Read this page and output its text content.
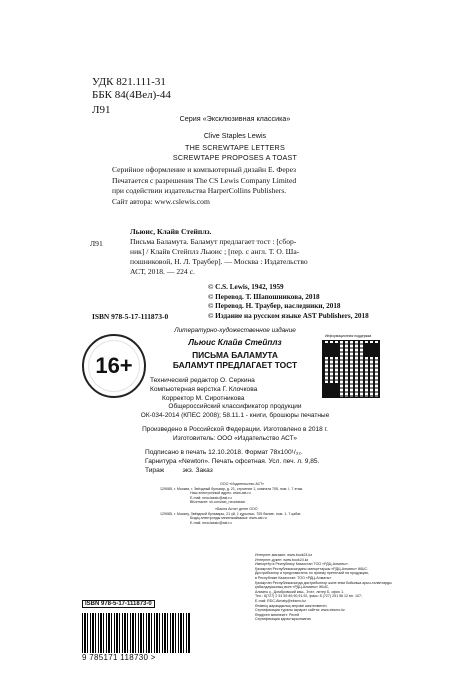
УДК 821.111-31
ББК 84(4Вел)-44
Л91
Серия «Эксклюзивная классика»
Clive Staples Lewis
THE SCREWTAPE LETTERS
SCREWTAPE PROPOSES A TOAST
Серийное оформление и компьютерный дизайн Е. Ферез
Печатается с разрешения The CS Lewis Company Limited
при содействии издательства HarperCollins Publishers.
Сайт автора: www.cslewis.com
Л91
Льюис, Клайв Стейплз.
Письма Баламута. Баламут предлагает тост : [сбор-
ник] / Клайв Стейплз Льюис ; [пер. с англ. Т. О. Ша-
пошниковой, Н. Л. Траубер]. — Москва : Издательство
АСТ, 2018. — 224 с.
© C.S. Lewis, 1942, 1959
© Перевод. Т. Шапошникова, 2018
© Перевод. Н. Траубер, наследники, 2018
© Издание на русском языке AST Publishers, 2018
ISBN 978-5-17-111873-0
Литературно-художественное издание
16+
Информационная поддержка
Льюис Клайв Стейплз
ПИСЬМА БАЛАМУТА
БАЛАМУТ ПРЕДЛАГАЕТ ТОСТ
Технический редактор О. Серкина
Компьютерная верстка Г. Клочкова
Корректор М. Сиротникова
Общероссийский классификатор продукции
ОК-034-2014 (КПЕС 2008); 58.11.1 - книги, брошюры печатные
Произведено в Российской Федерации. Изготовлено в 2018 г.
Изготовитель: ООО «Издательство АСТ»
Подписано в печать 12.10.2018. Формат 78х100¹/₃₂.
Гарнитура «Newton». Печать офсетная. Усл. печ. л. 9,85.
Тираж          экз. Заказ
ООО «Издательство АСТ»
129085, г. Москва, г. Звёздный бульвар, д. 21, строение 1, комната 705, пом. I, 7 этаж.
Наш электронный адрес: www.ast.ru
E-mail: neoclassic@ast.ru
ВКонтакте: vk.com/ast_neoclassic
«Баспа Аста» деген ООО
129085, г. Мәскеу, Звёздный бульвары, 21 үй, 1 құрылыс, 705 бөлме, пом. 1, 7-қабат.
Біздің электронды мекенжайымыз: www.ast.ru
E-mail: neoclassic@ast.ru
Интернет-магазин: www.book24.kz
Интернет-дүкен: www.book24.kz
Импортёр в Республику Казахстан ТОО «РДЦ-Алматы».
Қазақстан Республикасындағы импорттаушы «РДЦ-Алматы» ЖШС.
Дистрибьютор и представитель по приему претензий на продукцию,
в Республике Казахстан: ТОО «РДЦ-Алматы»
Қазақстан Республикасында дистрибьютор және өнім бойынша арыз-талаптарды
қабылдаушының өкілі «РДЦ-Алматы» ЖШС,
Алматы қ., Домбровский көш., 3«а», литер Б, офис 1.
Тел.: 8(727) 2 51 59 89,90,91,92, факс: 8 (727) 251 58 12 вн. 107;
E-mail: RDC-Almaty@eksmo.kz
Өнімнің жарамдылық мерзімі шектелмеген.
Сертификация туралы ақпарат сайтта: www.eksmo.kz
Өндірген мемлекет: Ресей
Сертификация қарастырылмаған
ISBN 978-5-17-111873-0
9 785171 118730 >
